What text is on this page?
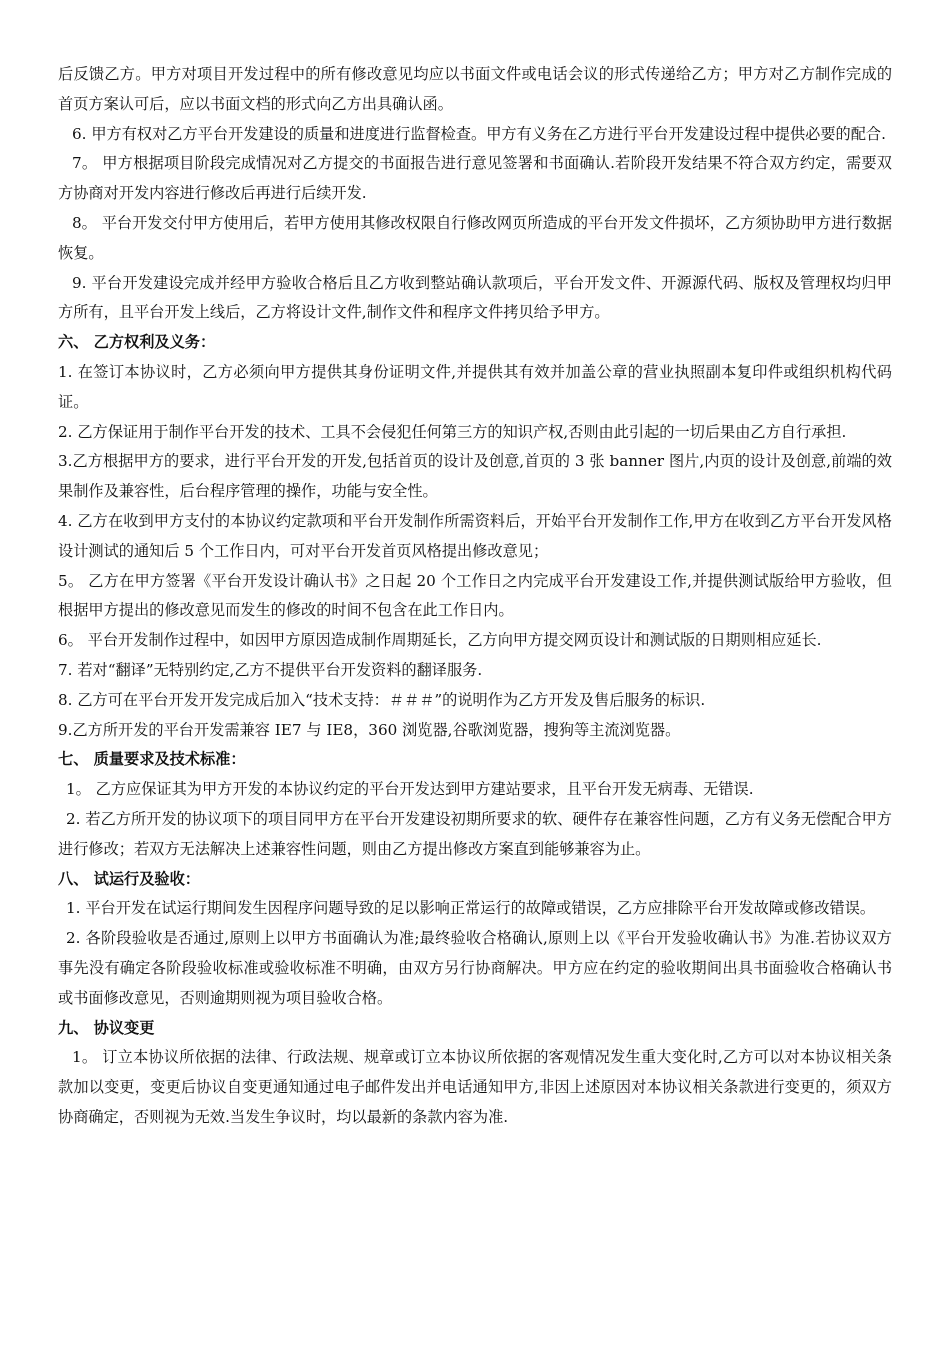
后反馈乙方。甲方对项目开发过程中的所有修改意见均应以书面文件或电话会议的形式传递给乙方；甲方对乙方制作完成的首页方案认可后，应以书面文档的形式向乙方出具确认函。

6. 甲方有权对乙方平台开发建设的质量和进度进行监督检查。甲方有义务在乙方进行平台开发建设过程中提供必要的配合.

7。 甲方根据项目阶段完成情况对乙方提交的书面报告进行意见签署和书面确认.若阶段开发结果不符合双方约定，需要双方协商对开发内容进行修改后再进行后续开发.

8。 平台开发交付甲方使用后，若甲方使用其修改权限自行修改网页所造成的平台开发文件损坏，乙方须协助甲方进行数据恢复。

9. 平台开发建设完成并经甲方验收合格后且乙方收到整站确认款项后，平台开发文件、开源源代码、版权及管理权均归甲方所有，且平台开发上线后，乙方将设计文件,制作文件和程序文件拷贝给予甲方。

六、 乙方权利及义务：

1. 在签订本协议时，乙方必须向甲方提供其身份证明文件,并提供其有效并加盖公章的营业执照副本复印件或组织机构代码证。

2. 乙方保证用于制作平台开发的技术、工具不会侵犯任何第三方的知识产权,否则由此引起的一切后果由乙方自行承担.

3.乙方根据甲方的要求，进行平台开发的开发,包括首页的设计及创意,首页的 3 张 banner 图片,内页的设计及创意,前端的效果制作及兼容性，后台程序管理的操作，功能与安全性。

4. 乙方在收到甲方支付的本协议约定款项和平台开发制作所需资料后，开始平台开发制作工作,甲方在收到乙方平台开发风格设计测试的通知后 5 个工作日内，可对平台开发首页风格提出修改意见；

5。 乙方在甲方签署《平台开发设计确认书》之日起 20 个工作日之内完成平台开发建设工作,并提供测试版给甲方验收，但根据甲方提出的修改意见而发生的修改的时间不包含在此工作日内。

6。 平台开发制作过程中，如因甲方原因造成制作周期延长，乙方向甲方提交网页设计和测试版的日期则相应延长.

7. 若对“翻译”无特别约定,乙方不提供平台开发资料的翻译服务.

8. 乙方可在平台开发开发完成后加入“技术支持：＃＃＃”的说明作为乙方开发及售后服务的标识.

9.乙方所开发的平台开发需兼容 IE7 与 IE8，360 浏览器,谷歌浏览器，搜狗等主流浏览器。

七、 质量要求及技术标准：

1。 乙方应保证其为甲方开发的本协议约定的平台开发达到甲方建站要求，且平台开发无病毒、无错误.

2. 若乙方所开发的协议项下的项目同甲方在平台开发建设初期所要求的软、硬件存在兼容性问题，乙方有义务无偿配合甲方进行修改；若双方无法解决上述兼容性问题，则由乙方提出修改方案直到能够兼容为止。

八、 试运行及验收：

1. 平台开发在试运行期间发生因程序问题导致的足以影响正常运行的故障或错误，乙方应排除平台开发故障或修改错误。

2. 各阶段验收是否通过,原则上以甲方书面确认为准;最终验收合格确认,原则上以《平台开发验收确认书》为准.若协议双方事先没有确定各阶段验收标准或验收标准不明确，由双方另行协商解决。甲方应在约定的验收期间出具书面验收合格确认书或书面修改意见，否则逾期则视为项目验收合格。

九、 协议变更

1。 订立本协议所依据的法律、行政法规、规章或订立本协议所依据的客观情况发生重大变化时,乙方可以对本协议相关条款加以变更，变更后协议自变更通知通过电子邮件发出并电话通知甲方,非因上述原因对本协议相关条款进行变更的，须双方协商确定，否则视为无效.当发生争议时，均以最新的条款内容为准.
